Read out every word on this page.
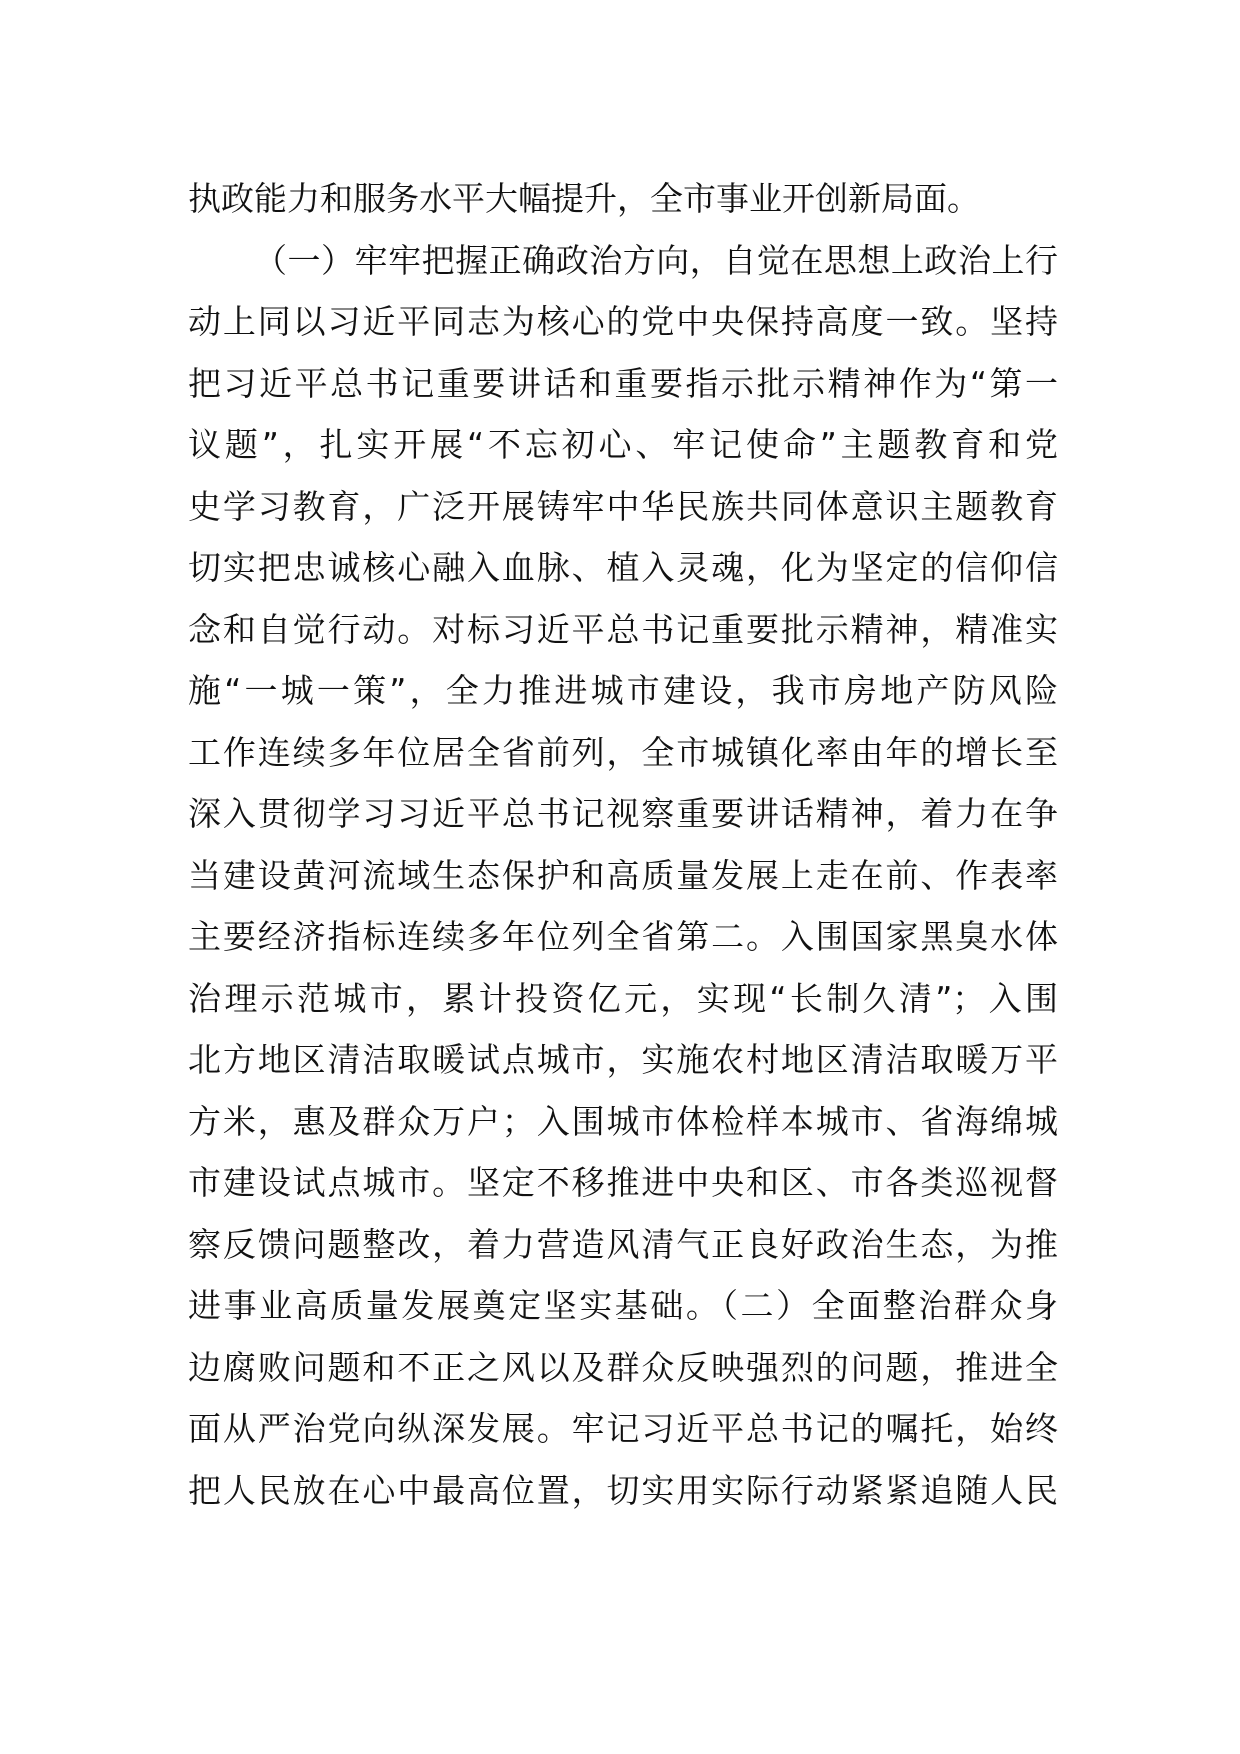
执政能力和服务水平大幅提升，全市事业开创新局面。
（一）牢牢把握正确政治方向，自觉在思想上政治上行
动上同以习近平同志为核心的党中央保持高度一致。坚持
把习近平总书记重要讲话和重要指示批示精神作为“第一
议题”，扎实开展“不忘初心、牢记使命”主题教育和党
史学习教育，广泛开展铸牢中华民族共同体意识主题教育
切实把忠诚核心融入血脉、植入灵魂，化为坚定的信仰信
念和自觉行动。对标习近平总书记重要批示精神，精准实
施“一城一策”，全力推进城市建设，我市房地产防风险
工作连续多年位居全省前列，全市城镇化率由年的增长至
深入贯彻学习习近平总书记视察重要讲话精神，着力在争
当建设黄河流域生态保护和高质量发展上走在前、作表率
主要经济指标连续多年位列全省第二。入围国家黑臭水体
治理示范城市，累计投资亿元，实现“长制久清”；入围
北方地区清洁取暖试点城市，实施农村地区清洁取暖万平
方米，惠及群众万户；入围城市体检样本城市、省海绵城
市建设试点城市。坚定不移推进中央和区、市各类巡视督
察反馈问题整改，着力营造风清气正良好政治生态，为推
进事业高质量发展奠定坚实基础。（二）全面整治群众身
边腐败问题和不正之风以及群众反映强烈的问题，推进全
面从严治党向纵深发展。牢记习近平总书记的嘱托，始终
把人民放在心中最高位置，切实用实际行动紧紧追随人民
